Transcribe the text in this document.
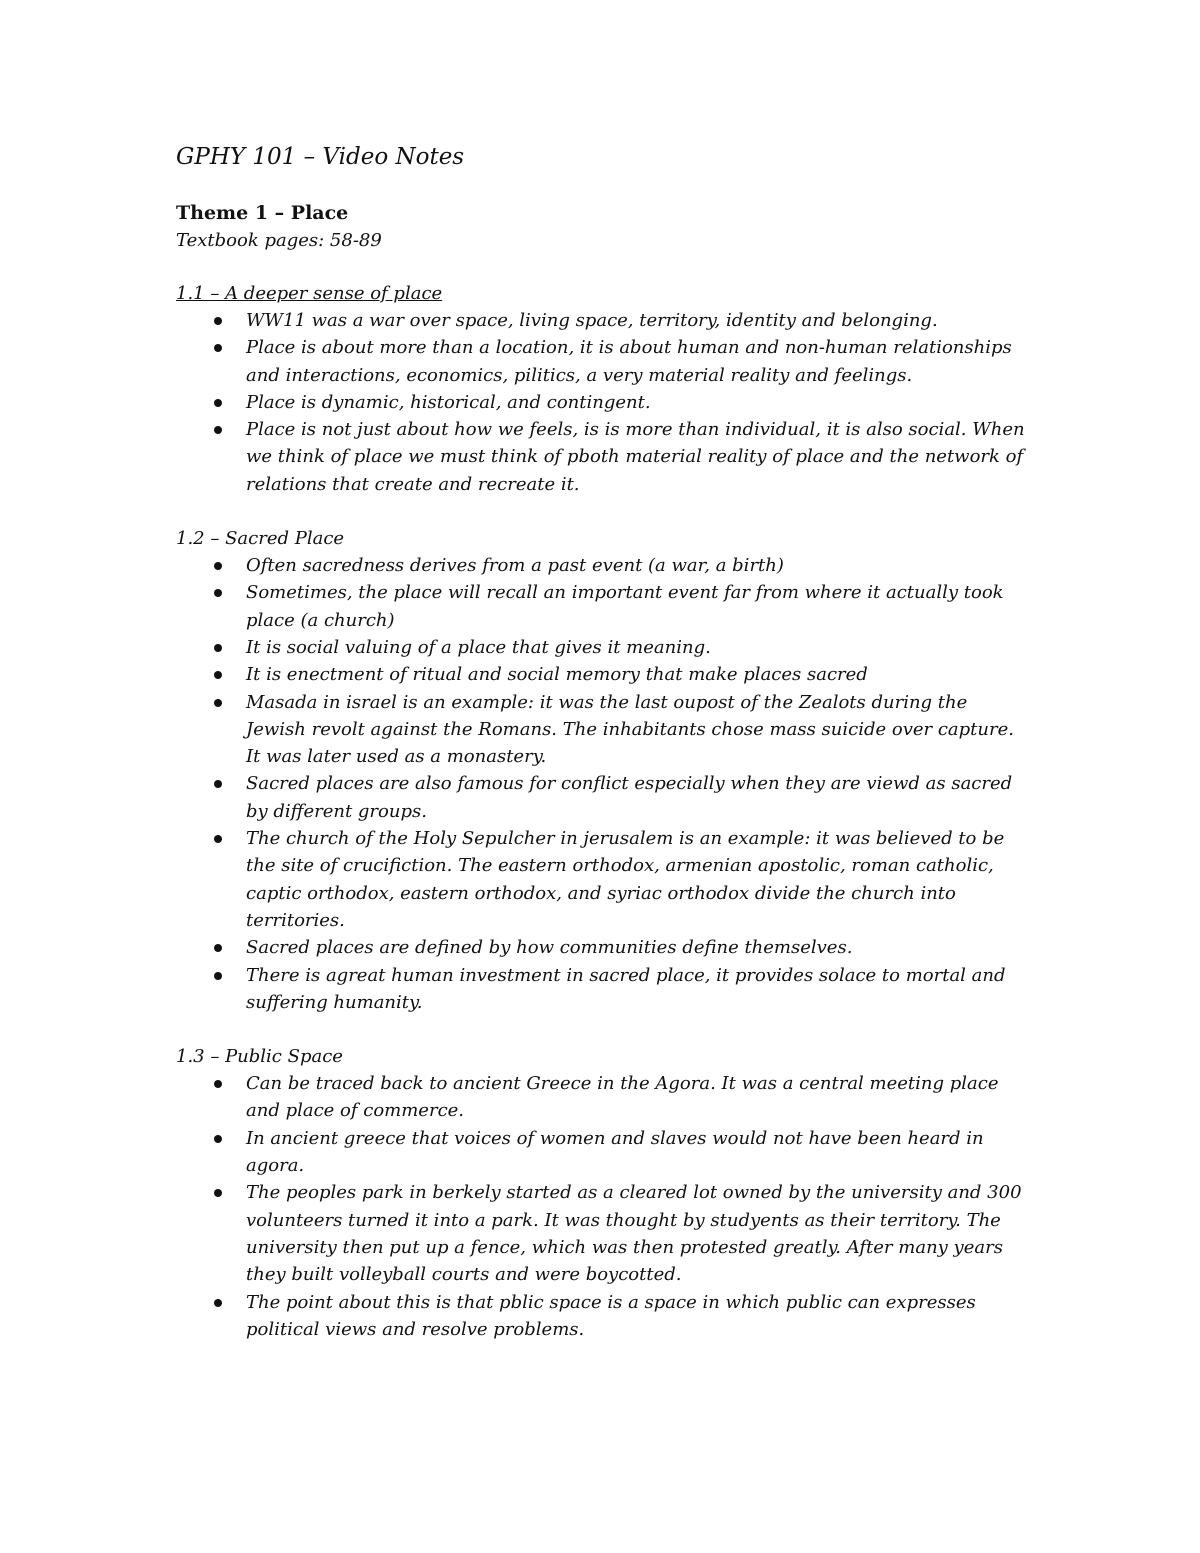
GPHY 101 – Video Notes
Theme 1 – Place

Textbook pages: 58-89

1.1 – A deeper sense of place

WW11 was a war over space, living space, territory, identity and belonging.
Place is about more than a location, it is about human and non-human relationships and interactions, economics, pilitics, a very material reality and feelings.
Place is dynamic, historical, and contingent.
Place is not just about how we feels, is is more than individual, it is also social. When we think of place we must think of pboth material reality of place and the network of relations that create and recreate it.

1.2 – Sacred Place

Often sacredness derives from a past event (a war, a birth)
Sometimes, the place will recall an important event far from where it actually took place (a church)
It is social valuing of a place that gives it meaning.
It is enectment of ritual and social memory that make places sacred
Masada in israel is an example: it was the last oupost of the Zealots during the Jewish revolt against the Romans. The inhabitants chose mass suicide over capture. It was later used as a monastery.
Sacred places are also famous for conflict especially when they are viewd as sacred by different groups.
The church of the Holy Sepulcher in jerusalem is an example: it was believed to be the site of crucifiction. The eastern orthodox, armenian apostolic, roman catholic, captic orthodox, eastern orthodox, and syriac orthodox divide the church into territories.
Sacred places are defined by how communities define themselves.
There is agreat human investment in sacred place, it provides solace to mortal and suffering humanity.

1.3 – Public Space

Can be traced back to ancient Greece in the Agora. It was a central meeting place and place of commerce.
In ancient greece that voices of women and slaves would not have been heard in agora.
The peoples park in berkely started as a cleared lot owned by the university and 300 volunteers turned it into a park. It was thought by studyents as their territory. The university then put up a fence, which was then protested greatly. After many years they built volleyball courts and were boycotted.
The point about this is that pblic space is a space in which public can expresses political views and resolve problems.
